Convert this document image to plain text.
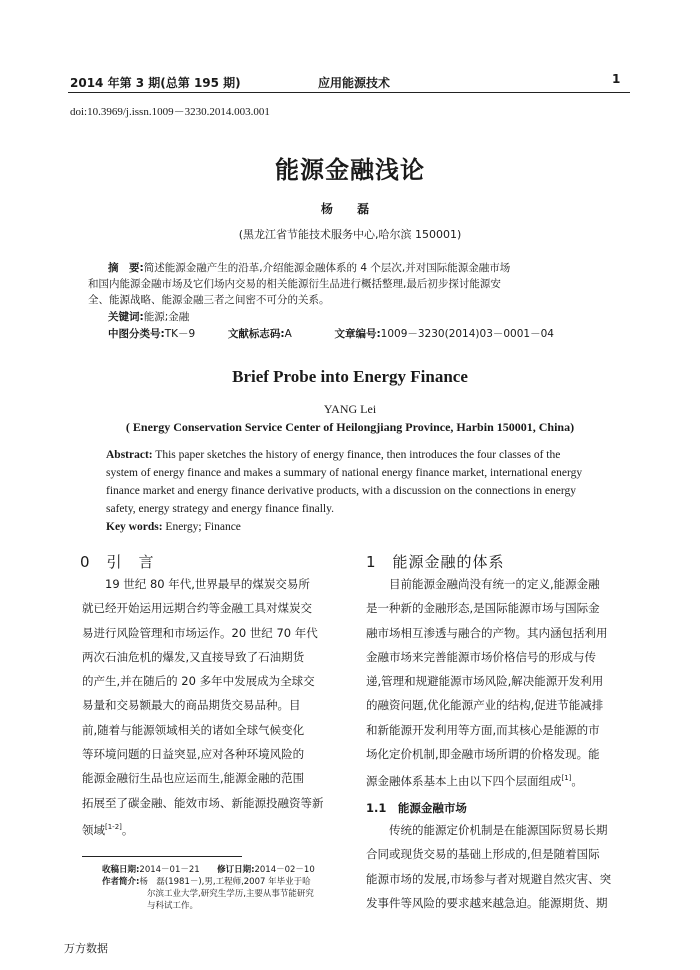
2014 年第 3 期(总第 195 期)	应用能源技术	1
doi:10.3969/j.issn.1009－3230.2014.003.001
能源金融浅论
杨 磊
(黑龙江省节能技术服务中心,哈尔滨 150001)
摘　要:简述能源金融产生的沿革,介绍能源金融体系的 4 个层次,并对国际能源金融市场
和国内能源金融市场及它们场内交易的相关能源衍生品进行概括整理,最后初步探讨能源安
全、能源战略、能源金融三者之间密不可分的关系。
关键词:能源;金融
中图分类号:TK－9	文献标志码:A	文章编号:1009－3230(2014)03－0001－04
Brief Probe into Energy Finance
YANG Lei
( Energy Conservation Service Center of Heilongjiang Province, Harbin 150001, China)
Abstract: This paper sketches the history of energy finance, then introduces the four classes of the
system of energy finance and makes a summary of national energy finance market, international energy
finance market and energy finance derivative products, with a discussion on the connections in energy
safety, energy strategy and energy finance finally.
Key words: Energy; Finance
0　引　言
19 世纪 80 年代,世界最早的煤炭交易所
就已经开始运用远期合约等金融工具对煤炭交
易进行风险管理和市场运作。20 世纪 70 年代
两次石油危机的爆发,又直接导致了石油期货
的产生,并在随后的 20 多年中发展成为全球交
易量和交易额最大的商品期货交易品种。目
前,随着与能源领域相关的诸如全球气候变化
等环境问题的日益突显,应对各种环境风险的
能源金融衍生品也应运而生,能源金融的范围
拓展至了碳金融、能效市场、新能源投融资等新
领域[1-2]。
收稿日期:2014－01－21 修订日期:2014－02－10
作者简介:杨　磊(1981－),男,工程师,2007 年毕业于哈
尔滨工业大学,研究生学历,主要从事节能研究
与科试工作。
1　能源金融的体系
目前能源金融尚没有统一的定义,能源金融
是一种新的金融形态,是国际能源市场与国际金
融市场相互渗透与融合的产物。其内涵包括利用
金融市场来完善能源市场价格信号的形成与传
递,管理和规避能源市场风险,解决能源开发利用
的融资问题,优化能源产业的结构,促进节能减排
和新能源开发利用等方面,而其核心是能源的市
场化定价机制,即金融市场所谓的价格发现。能
源金融体系基本上由以下四个层面组成[1]。
1.1　能源金融市场
传统的能源定价机制是在能源国际贸易长期
合同或现货交易的基础上形成的,但是随着国际
能源市场的发展,市场参与者对规避自然灾害、突
发事件等风险的要求越来越急迫。能源期货、期
万方数据
